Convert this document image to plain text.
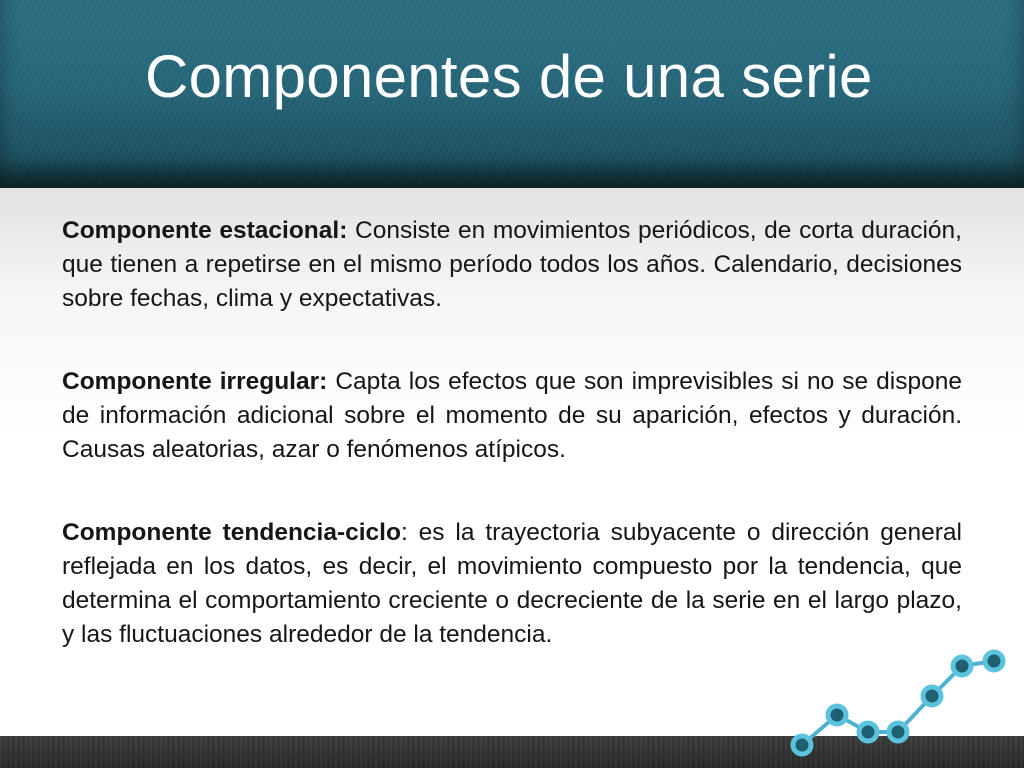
Componentes de una serie

Componente estacional: Consiste en movimientos periódicos, de corta duración, que tienen a repetirse en el mismo período todos los años. Calendario, decisiones sobre fechas, clima y expectativas.

Componente irregular: Capta los efectos que son imprevisibles si no se dispone de información adicional sobre el momento de su aparición, efectos y duración. Causas aleatorias, azar o fenómenos atípicos.

Componente tendencia-ciclo: es la trayectoria subyacente o dirección general reflejada en los datos, es decir, el movimiento compuesto por la tendencia, que determina el comportamiento creciente o decreciente de la serie en el largo plazo, y las fluctuaciones alrededor de la tendencia.
